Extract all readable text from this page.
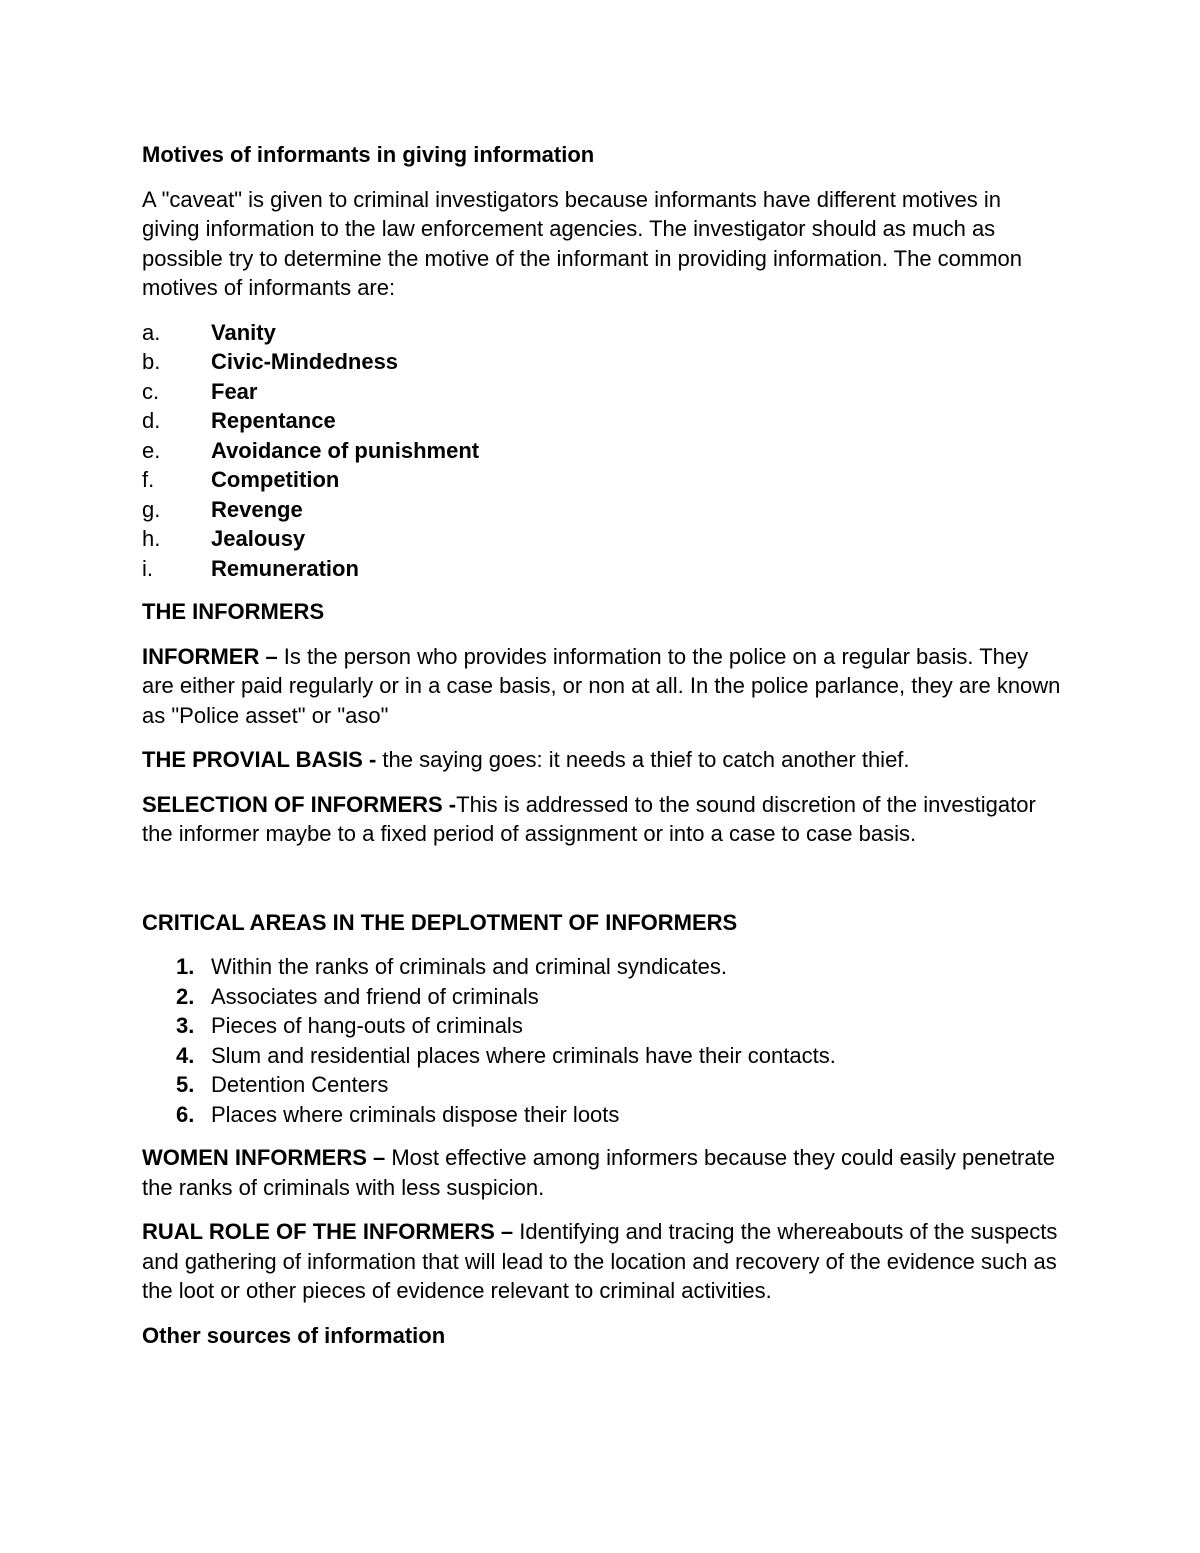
Motives of informants in giving information
A "caveat" is given to criminal investigators because informants have different motives in giving information to the law enforcement agencies. The investigator should as much as possible try to determine the motive of the informant in providing information. The common motives of informants are:
a. Vanity
b. Civic-Mindedness
c. Fear
d. Repentance
e. Avoidance of punishment
f.	Competition
g. Revenge
h. Jealousy
i.	Remuneration
THE INFORMERS
INFORMER – Is the person who provides information to the police on a regular basis. They are either paid regularly or in a case basis, or non at all. In the police parlance, they are known as "Police asset" or "aso"
THE PROVIAL BASIS - the saying goes: it needs a thief to catch another thief.
SELECTION OF INFORMERS -This is addressed to the sound discretion of the investigator the informer maybe to a fixed period of assignment or into a case to case basis.
CRITICAL AREAS IN THE DEPLOTMENT OF INFORMERS
1. Within the ranks of criminals and criminal syndicates.
2. Associates and friend of criminals
3. Pieces of hang-outs of criminals
4. Slum and residential places where criminals have their contacts.
5. Detention Centers
6. Places where criminals dispose their loots
WOMEN INFORMERS – Most effective among informers because they could easily penetrate the ranks of criminals with less suspicion.
RUAL ROLE OF THE INFORMERS – Identifying and tracing the whereabouts of the suspects and gathering of information that will lead to the location and recovery of the evidence such as the loot or other pieces of evidence relevant to criminal activities.
Other sources of information
